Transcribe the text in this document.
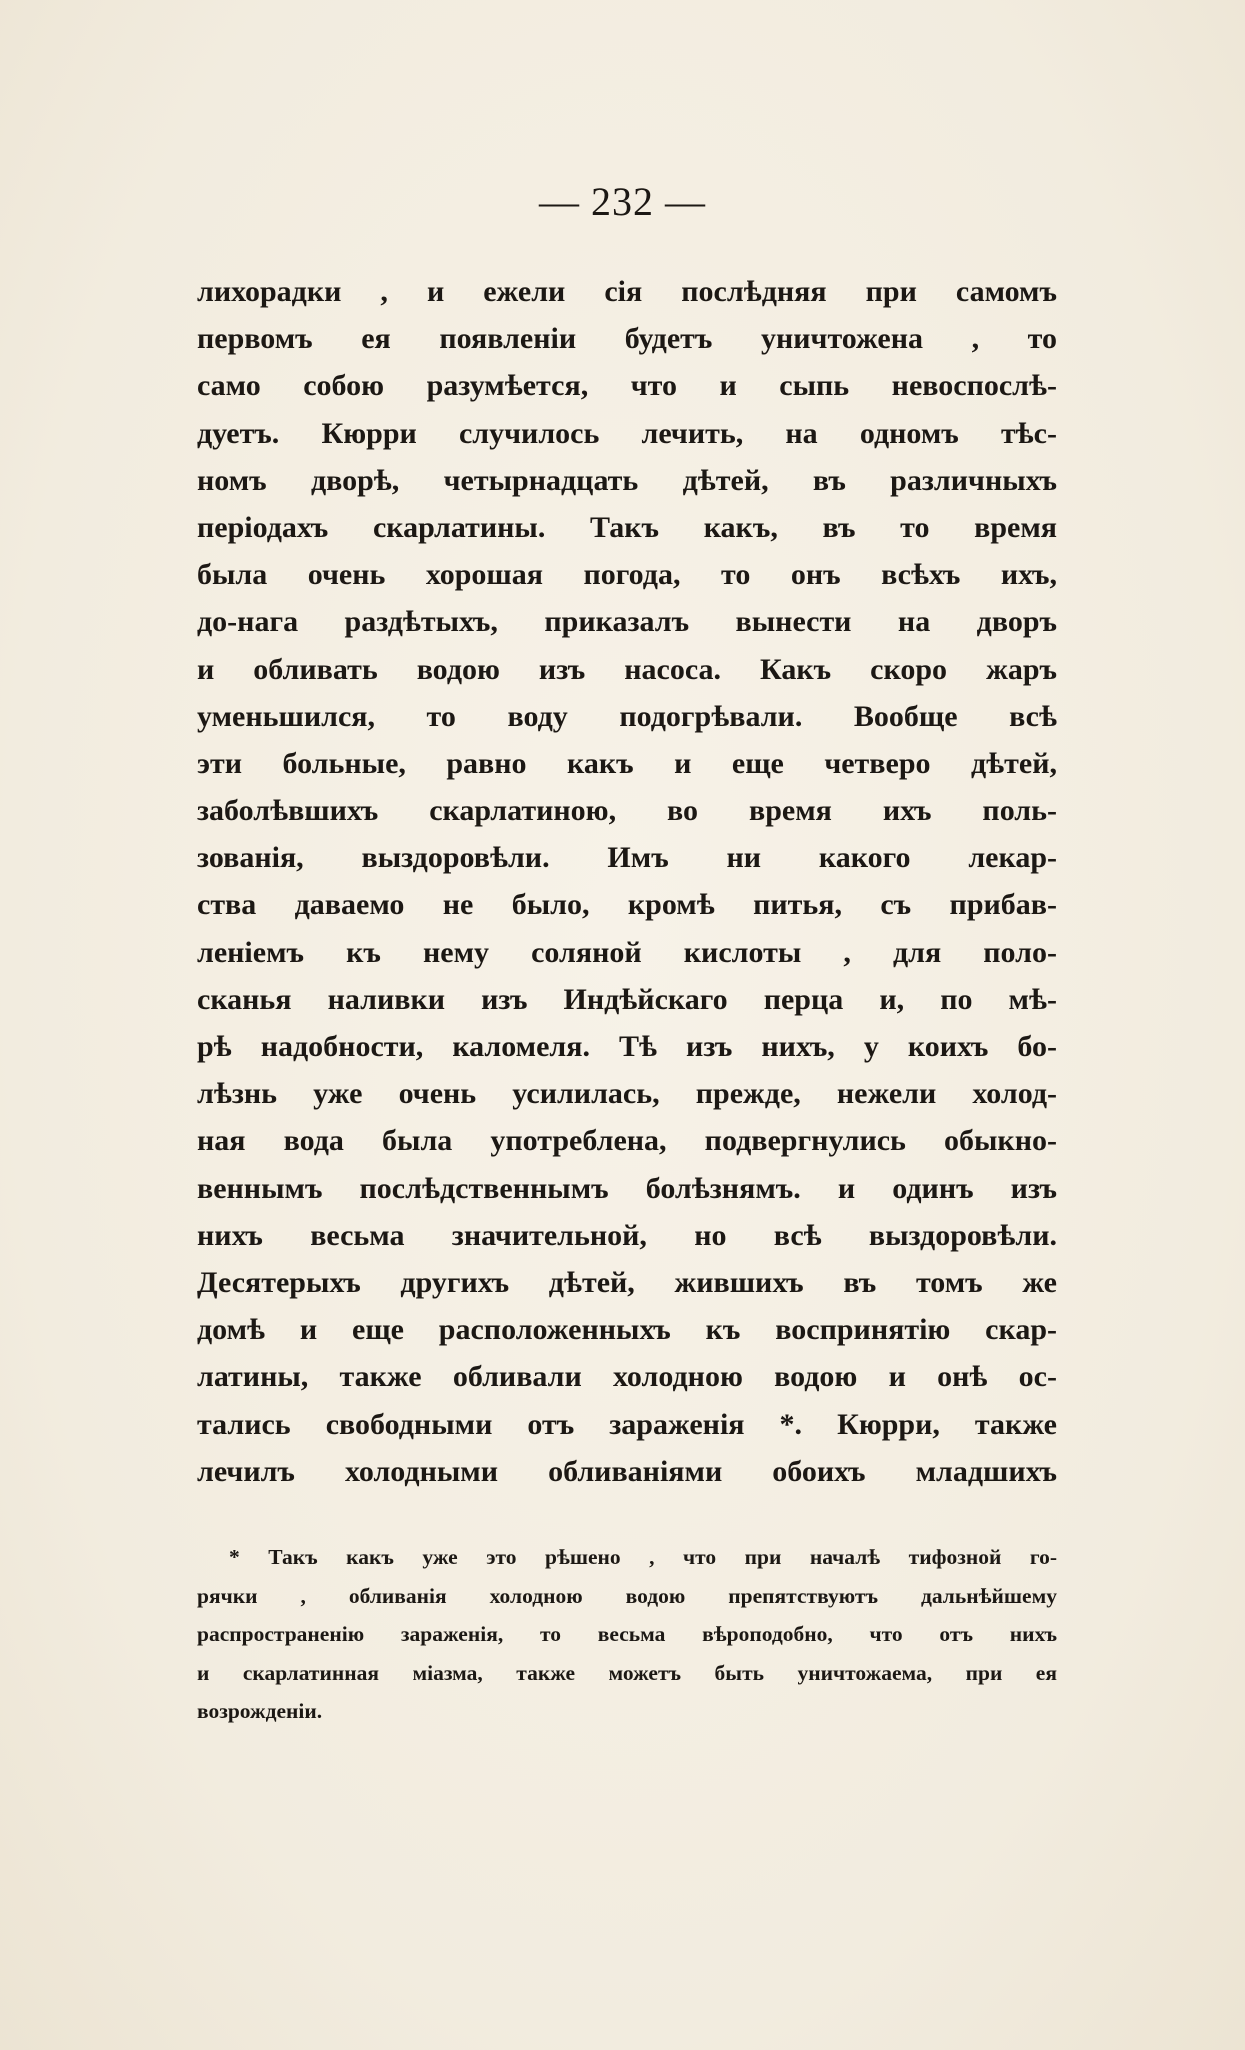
— 232 —
лихорадки , и ежели сія послѣдняя при самомъ
первомъ ея появленіи будетъ уничтожена , то
само собою разумѣется, что и сыпь невоспослѣ-
дуетъ. Кюрри случилось лечить, на одномъ тѣс-
номъ дворѣ, четырнадцать дѣтей, въ различныхъ
періодахъ скарлатины. Такъ какъ, въ то время
была очень хорошая погода, то онъ всѣхъ ихъ,
до-нага раздѣтыхъ, приказалъ вынести на дворъ
и обливать водою изъ насоса. Какъ скоро жаръ
уменьшился, то воду подогрѣвали. Вообще всѣ
эти больные, равно какъ и еще четверо дѣтей,
заболѣвшихъ скарлатиною, во время ихъ поль-
зованія, выздоровѣли. Имъ ни какого лекар-
ства даваемо не было, кромѣ питья, съ прибав-
леніемъ къ нему соляной кислоты , для поло-
сканья наливки изъ Индѣйскаго перца и, по мѣ-
рѣ надобности, каломеля. Тѣ изъ нихъ, у коихъ бо-
лѣзнь уже очень усилилась, прежде, нежели холод-
ная вода была употреблена, подвергнулись обыкно-
веннымъ послѣдственнымъ болѣзнямъ. и одинъ изъ
нихъ весьма значительной, но всѣ выздоровѣли.
Десятерыхъ другихъ дѣтей, жившихъ въ томъ же
домѣ и еще расположенныхъ къ воспринятію скар-
латины, также обливали холодною водою и онѣ ос-
тались свободными отъ зараженія *. Кюрри, также
лечилъ холодными обливаніями обоихъ младшихъ
* Такъ какъ уже это рѣшено , что при началѣ тифозной го-
рячки , обливанія холодною водою препятствуютъ дальнѣйшему
распространенію зараженія, то весьма вѣроподобно, что отъ нихъ
и скарлатинная міазма, также можетъ быть уничтожаема, при ея
возрожденіи.
